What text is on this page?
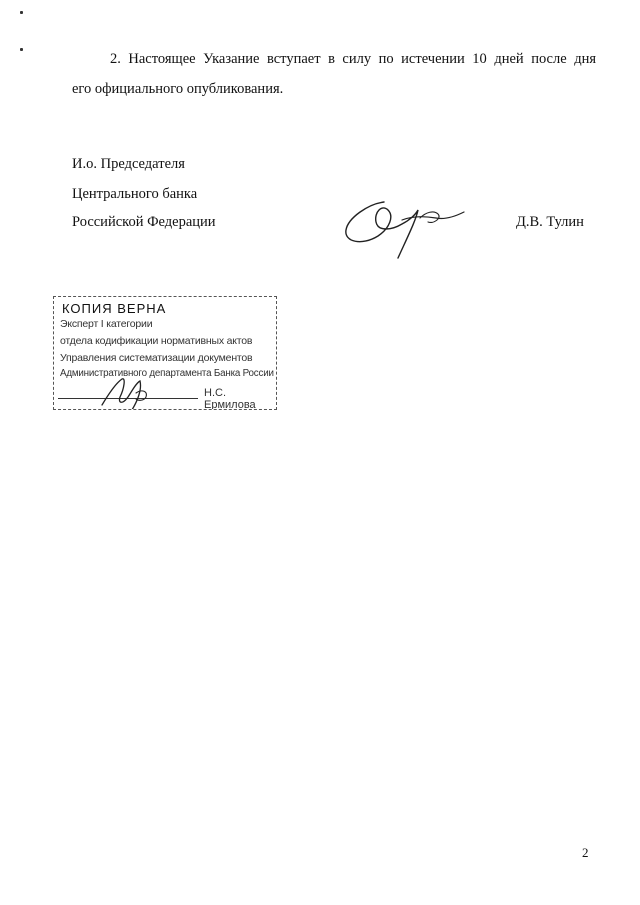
2. Настоящее Указание вступает в силу по истечении 10 дней после дня
его официального опубликования.
И.о. Председателя
Центрального банка
Российской Федерации	Д.В. Тулин
КОПИЯ ВЕРНА
Эксперт I категории
отдела кодификации нормативных актов
Управления систематизации документов
Административного департамента Банка России
Н.С. Ермилова
2
